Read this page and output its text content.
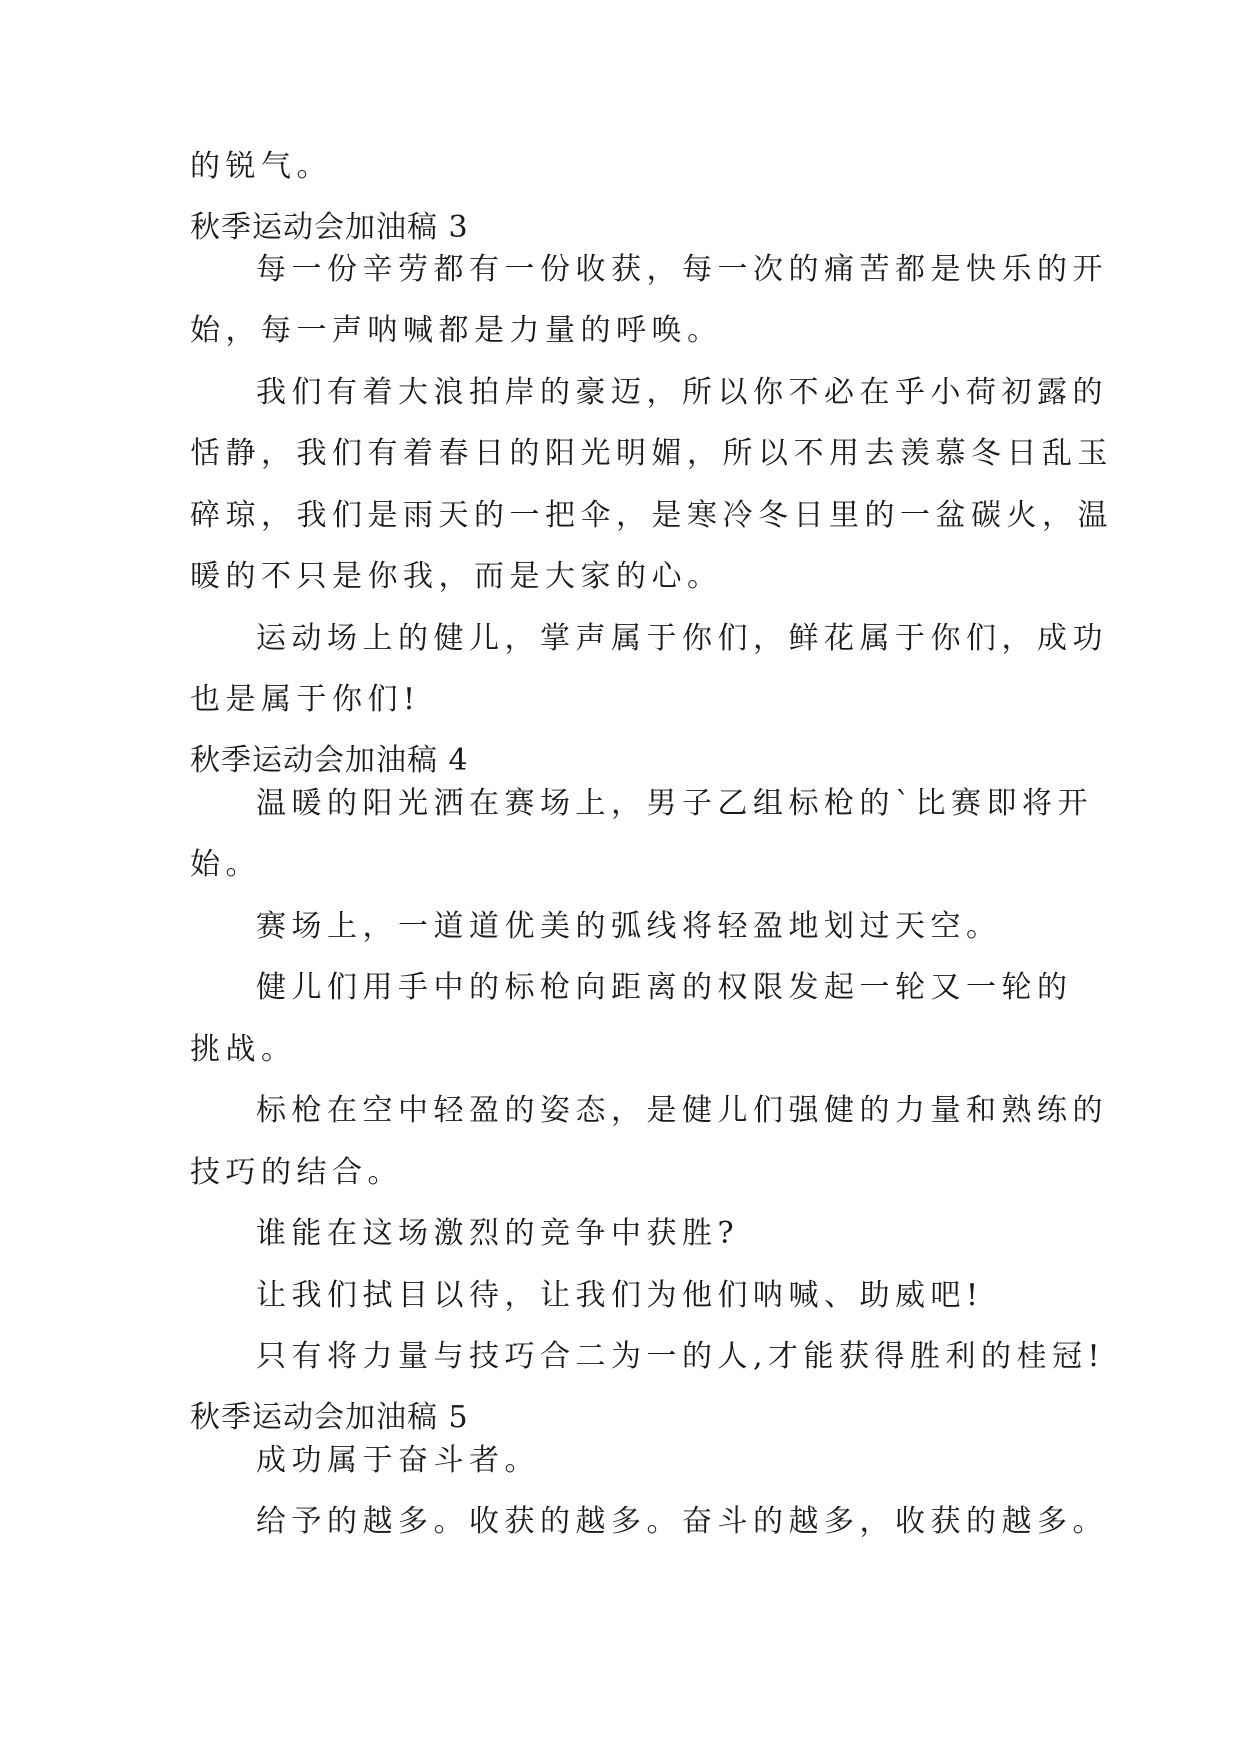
的锐气。
秋季运动会加油稿 3
每一份辛劳都有一份收获，每一次的痛苦都是快乐的开
始，每一声呐喊都是力量的呼唤。
我们有着大浪拍岸的豪迈，所以你不必在乎小荷初露的
恬静，我们有着春日的阳光明媚，所以不用去羡慕冬日乱玉
碎琼，我们是雨天的一把伞，是寒冷冬日里的一盆碳火，温
暖的不只是你我，而是大家的心。
运动场上的健儿，掌声属于你们，鲜花属于你们，成功
也是属于你们!
秋季运动会加油稿 4
温暖的阳光洒在赛场上，男子乙组标枪的`比赛即将开
始。
赛场上，一道道优美的弧线将轻盈地划过天空。
健儿们用手中的标枪向距离的权限发起一轮又一轮的
挑战。
标枪在空中轻盈的姿态，是健儿们强健的力量和熟练的
技巧的结合。
谁能在这场激烈的竞争中获胜?
让我们拭目以待，让我们为他们呐喊、助威吧!
只有将力量与技巧合二为一的人,才能获得胜利的桂冠!
秋季运动会加油稿 5
成功属于奋斗者。
给予的越多。收获的越多。奋斗的越多，收获的越多。
